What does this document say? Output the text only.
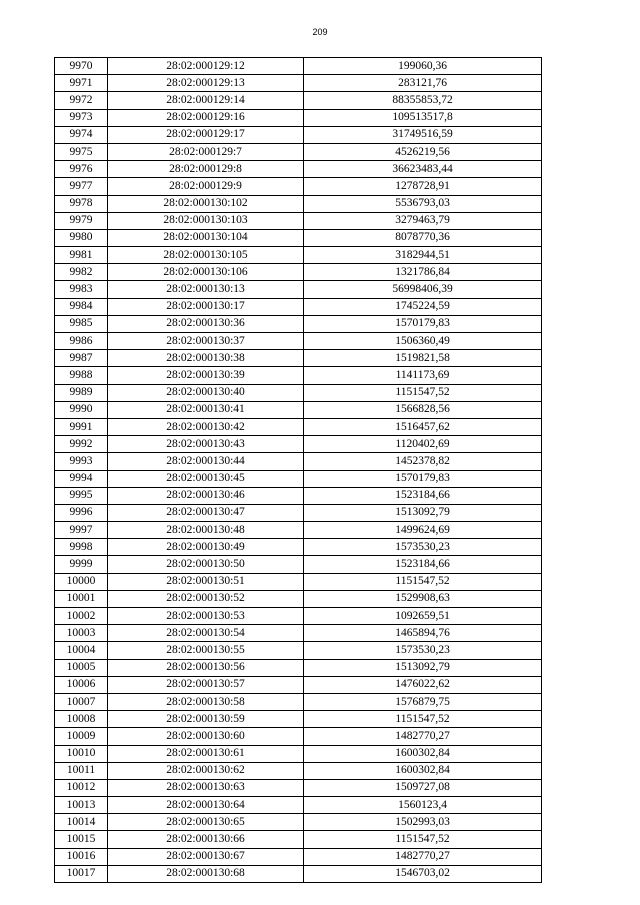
209
9970	28:02:000129:12	199060,36
9971	28:02:000129:13	283121,76
9972	28:02:000129:14	88355853,72
9973	28:02:000129:16	109513517,8
9974	28:02:000129:17	31749516,59
9975	28:02:000129:7	4526219,56
9976	28:02:000129:8	36623483,44
9977	28:02:000129:9	1278728,91
9978	28:02:000130:102	5536793,03
9979	28:02:000130:103	3279463,79
9980	28:02:000130:104	8078770,36
9981	28:02:000130:105	3182944,51
9982	28:02:000130:106	1321786,84
9983	28:02:000130:13	56998406,39
9984	28:02:000130:17	1745224,59
9985	28:02:000130:36	1570179,83
9986	28:02:000130:37	1506360,49
9987	28:02:000130:38	1519821,58
9988	28:02:000130:39	1141173,69
9989	28:02:000130:40	1151547,52
9990	28:02:000130:41	1566828,56
9991	28:02:000130:42	1516457,62
9992	28:02:000130:43	1120402,69
9993	28:02:000130:44	1452378,82
9994	28:02:000130:45	1570179,83
9995	28:02:000130:46	1523184,66
9996	28:02:000130:47	1513092,79
9997	28:02:000130:48	1499624,69
9998	28:02:000130:49	1573530,23
9999	28:02:000130:50	1523184,66
10000	28:02:000130:51	1151547,52
10001	28:02:000130:52	1529908,63
10002	28:02:000130:53	1092659,51
10003	28:02:000130:54	1465894,76
10004	28:02:000130:55	1573530,23
10005	28:02:000130:56	1513092,79
10006	28:02:000130:57	1476022,62
10007	28:02:000130:58	1576879,75
10008	28:02:000130:59	1151547,52
10009	28:02:000130:60	1482770,27
10010	28:02:000130:61	1600302,84
10011	28:02:000130:62	1600302,84
10012	28:02:000130:63	1509727,08
10013	28:02:000130:64	1560123,4
10014	28:02:000130:65	1502993,03
10015	28:02:000130:66	1151547,52
10016	28:02:000130:67	1482770,27
10017	28:02:000130:68	1546703,02
